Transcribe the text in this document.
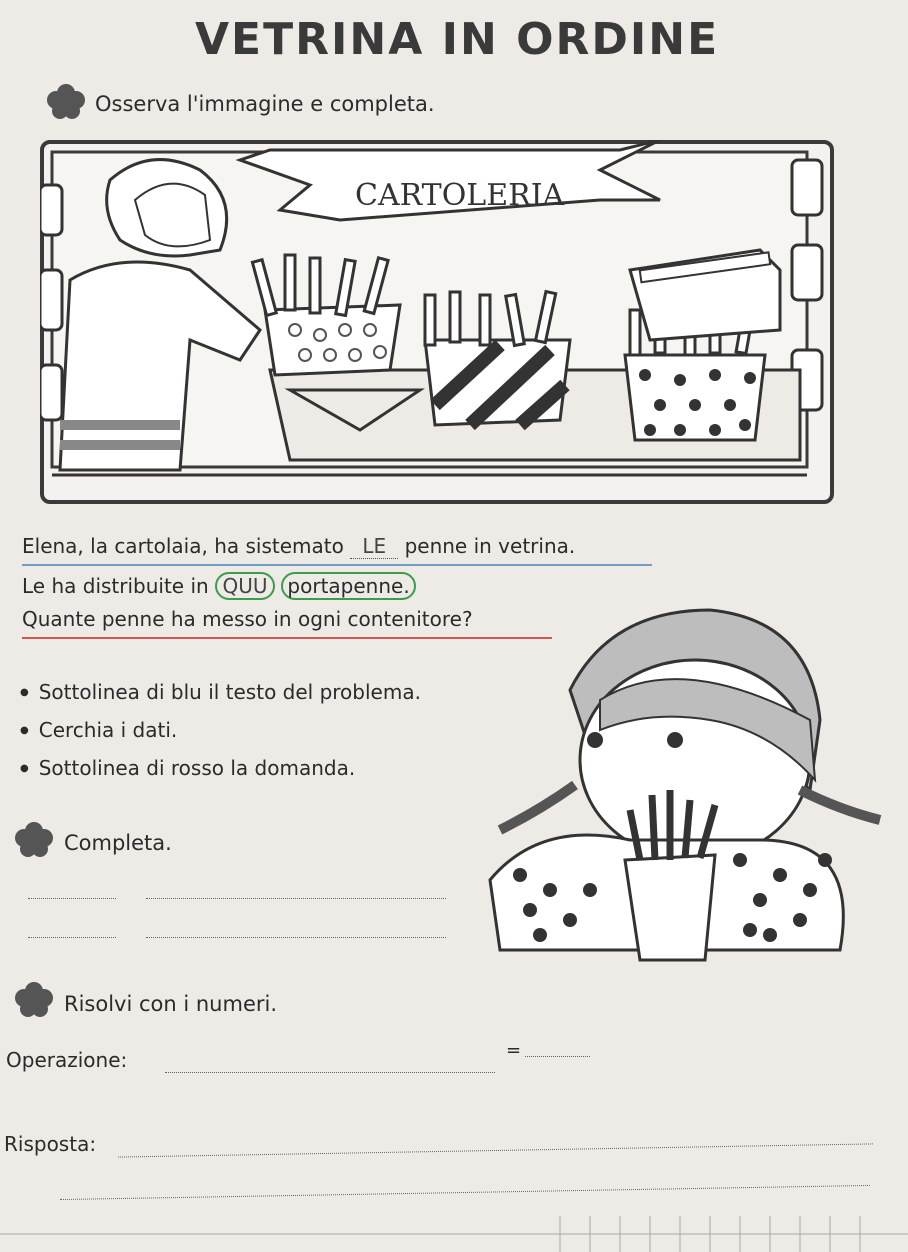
VETRINA IN ORDINE
Osserva l'immagine e completa.
CARTOLERIA
Elena, la cartolaia, ha sistemato LE penne in vetrina.
Le ha distribuite in QUU portapenne.
Quante penne ha messo in ogni contenitore?
● Sottolinea di blu il testo del problema.
● Cerchia i dati.
● Sottolinea di rosso la domanda.
Completa.
Risolvi con i numeri.
Operazione:	=
Risposta:
